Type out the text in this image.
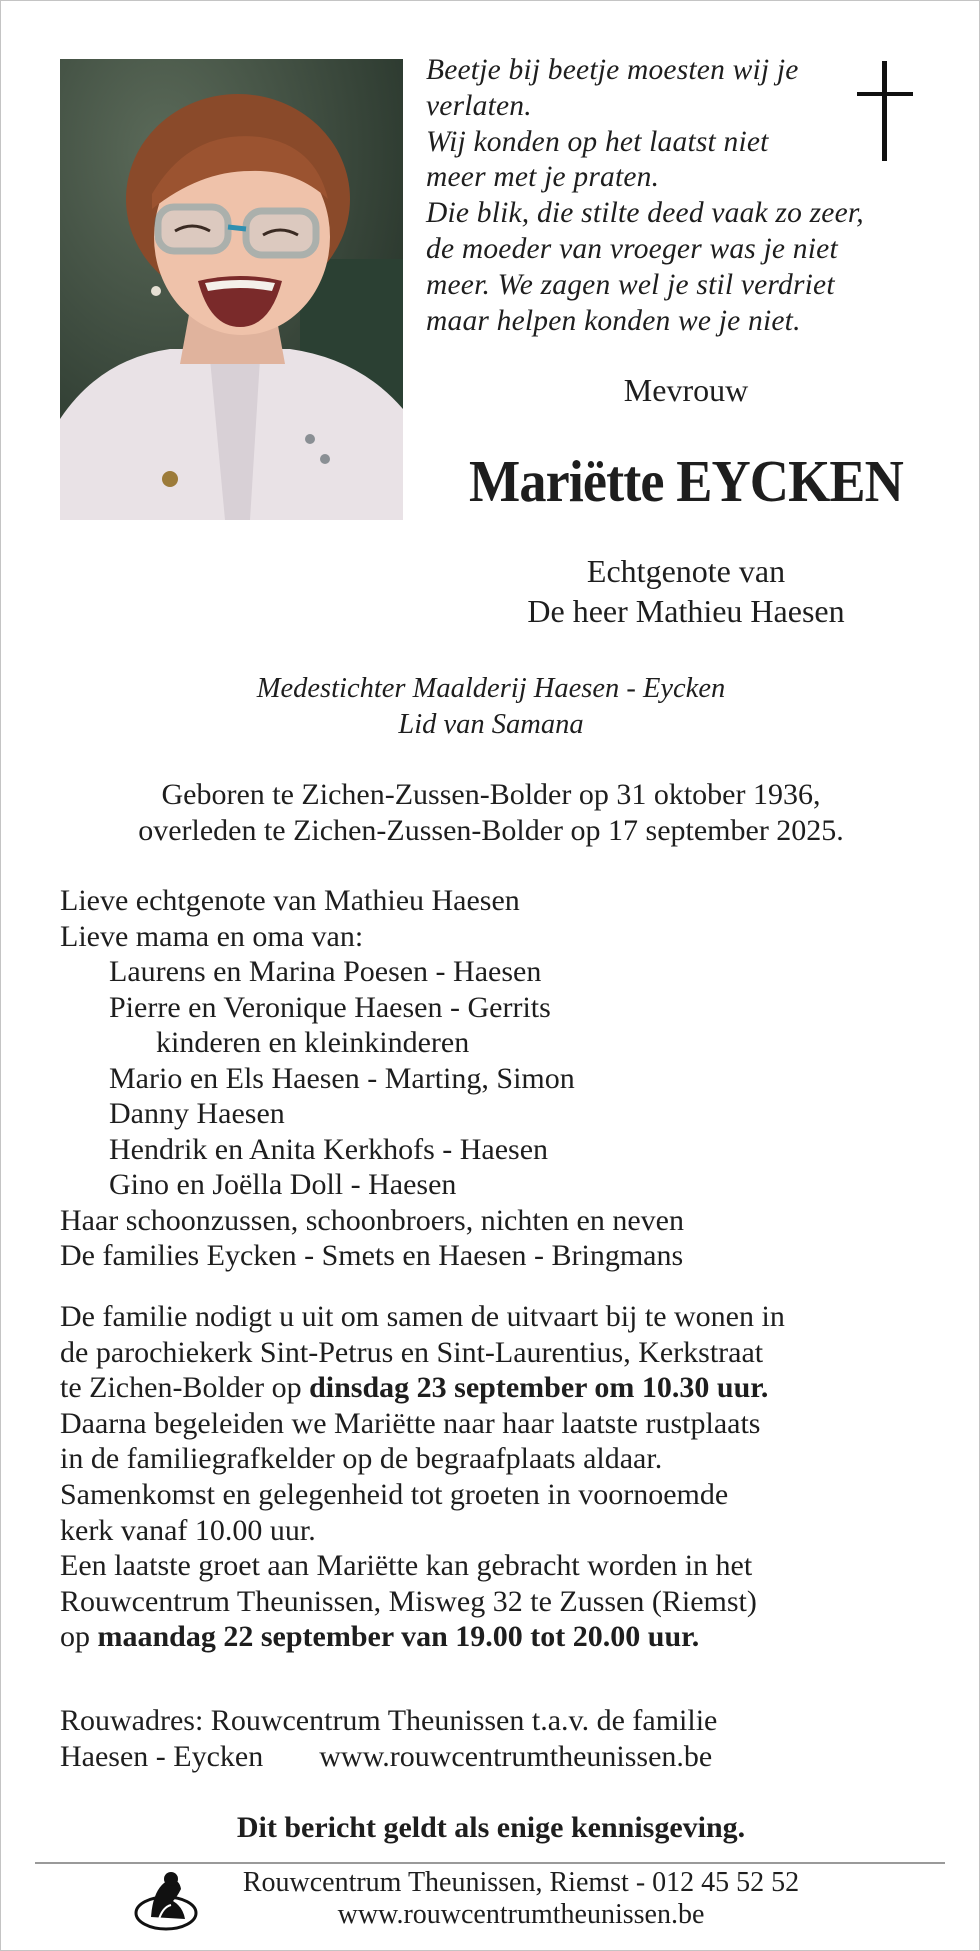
Beetje bij beetje moesten wij je
verlaten.
Wij konden op het laatst niet
meer met je praten.
Die blik, die stilte deed vaak zo zeer,
de moeder van vroeger was je niet
meer. We zagen wel je stil verdriet
maar helpen konden we je niet.
Mevrouw
Mariëtte EYCKEN
Echtgenote van
De heer Mathieu Haesen
Medestichter Maalderij Haesen - Eycken
Lid van Samana
Geboren te Zichen-Zussen-Bolder op 31 oktober 1936,
overleden te Zichen-Zussen-Bolder op 17 september 2025.
Lieve echtgenote van Mathieu Haesen
Lieve mama en oma van:
Laurens en Marina Poesen - Haesen
Pierre en Veronique Haesen - Gerrits
kinderen en kleinkinderen
Mario en Els Haesen - Marting, Simon
Danny Haesen
Hendrik en Anita Kerkhofs - Haesen
Gino en Joëlla Doll - Haesen
Haar schoonzussen, schoonbroers, nichten en neven
De families Eycken - Smets en Haesen - Bringmans
De familie nodigt u uit om samen de uitvaart bij te wonen in
de parochiekerk Sint-Petrus en Sint-Laurentius, Kerkstraat
te Zichen-Bolder op dinsdag 23 september om 10.30 uur.
Daarna begeleiden we Mariëtte naar haar laatste rustplaats
in de familiegrafkelder op de begraafplaats aldaar.
Samenkomst en gelegenheid tot groeten in voornoemde
kerk vanaf 10.00 uur.
Een laatste groet aan Mariëtte kan gebracht worden in het
Rouwcentrum Theunissen, Misweg 32 te Zussen (Riemst)
op maandag 22 september van 19.00 tot 20.00 uur.
Rouwadres: Rouwcentrum Theunissen t.a.v. de familie
Haesen - Eycken www.rouwcentrumtheunissen.be
Dit bericht geldt als enige kennisgeving.
Rouwcentrum Theunissen, Riemst - 012 45 52 52
www.rouwcentrumtheunissen.be
